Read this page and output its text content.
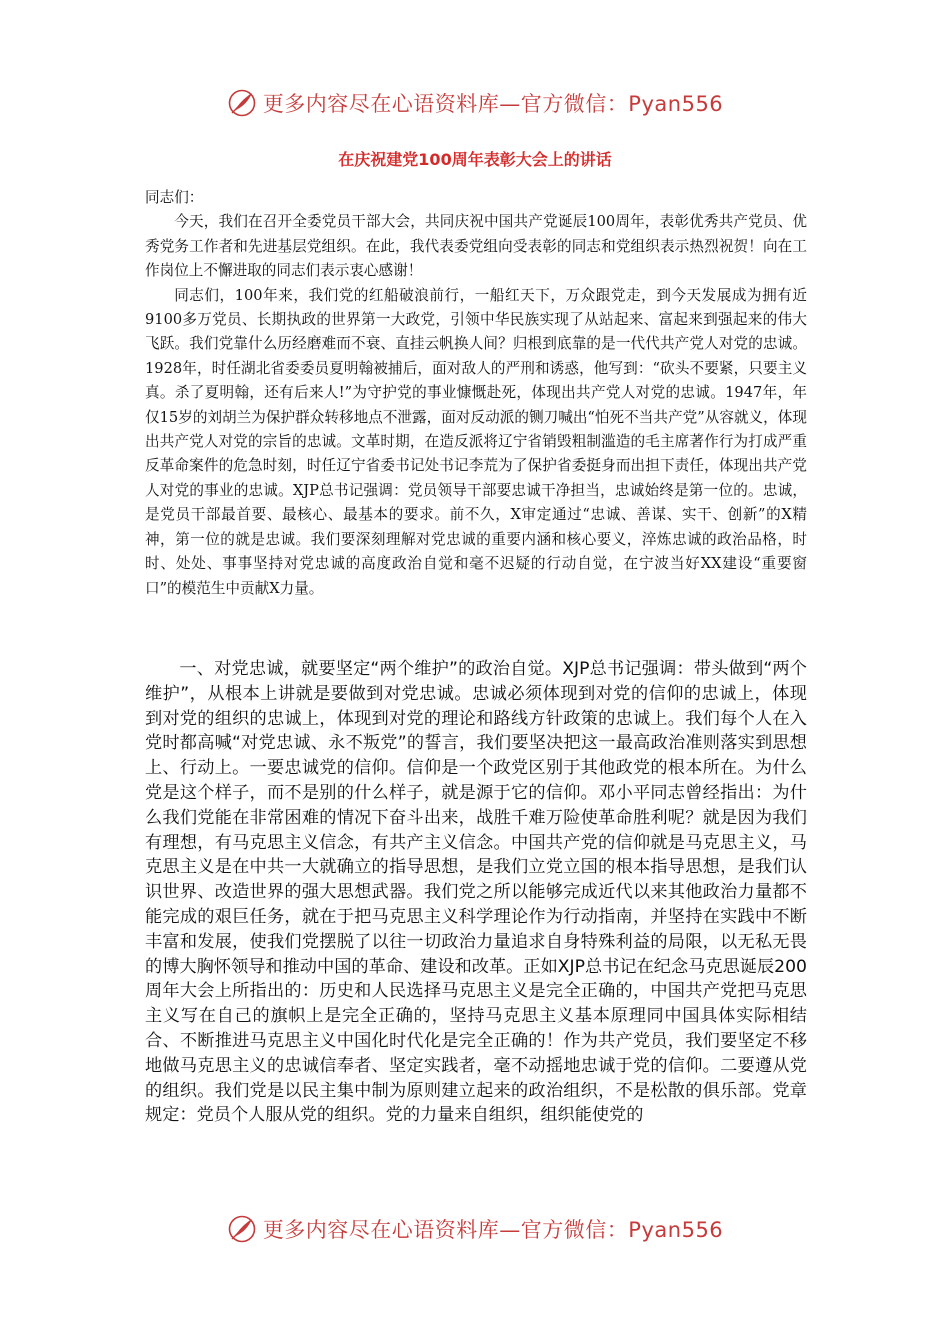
更多内容尽在心语资料库—官方微信：Pyan556
在庆祝建党100周年表彰大会上的讲话

同志们：

今天，我们在召开全委党员干部大会，共同庆祝中国共产党诞辰100周年，表彰优秀共产党员、优秀党务工作者和先进基层党组织。在此，我代表委党组向受表彰的同志和党组织表示热烈祝贺！向在工作岗位上不懈进取的同志们表示衷心感谢！

同志们，100年来，我们党的红船破浪前行，一船红天下，万众跟党走，到今天发展成为拥有近9100多万党员、长期执政的世界第一大政党，引领中华民族实现了从站起来、富起来到强起来的伟大飞跃。我们党靠什么历经磨难而不衰、直挂云帆换人间？归根到底靠的是一代代共产党人对党的忠诚。1928年，时任湖北省委委员夏明翰被捕后，面对敌人的严刑和诱惑，他写到：“砍头不要紧，只要主义真。杀了夏明翰，还有后来人!”为守护党的事业慷慨赴死，体现出共产党人对党的忠诚。1947年，年仅15岁的刘胡兰为保护群众转移地点不泄露，面对反动派的铡刀喊出“怕死不当共产党”从容就义，体现出共产党人对党的宗旨的忠诚。文革时期，在造反派将辽宁省销毁粗制滥造的毛主席著作行为打成严重反革命案件的危急时刻，时任辽宁省委书记处书记李荒为了保护省委挺身而出担下责任，体现出共产党人对党的事业的忠诚。XJP总书记强调：党员领导干部要忠诚干净担当，忠诚始终是第一位的。忠诚，是党员干部最首要、最核心、最基本的要求。前不久，X审定通过“忠诚、善谋、实干、创新”的X精神，第一位的就是忠诚。我们要深刻理解对党忠诚的重要内涵和核心要义，淬炼忠诚的政治品格，时时、处处、事事坚持对党忠诚的高度政治自觉和毫不迟疑的行动自觉，在宁波当好XX建设“重要窗口”的模范生中贡献X力量。

一、对党忠诚，就要坚定“两个维护”的政治自觉。XJP总书记强调：带头做到“两个维护”，从根本上讲就是要做到对党忠诚。忠诚必须体现到对党的信仰的忠诚上，体现到对党的组织的忠诚上，体现到对党的理论和路线方针政策的忠诚上。我们每个人在入党时都高喊“对党忠诚、永不叛党”的誓言，我们要坚决把这一最高政治准则落实到思想上、行动上。一要忠诚党的信仰。信仰是一个政党区别于其他政党的根本所在。为什么党是这个样子，而不是别的什么样子，就是源于它的信仰。邓小平同志曾经指出：为什么我们党能在非常困难的情况下奋斗出来，战胜千难万险使革命胜利呢？就是因为我们有理想，有马克思主义信念，有共产主义信念。中国共产党的信仰就是马克思主义，马克思主义是在中共一大就确立的指导思想，是我们立党立国的根本指导思想，是我们认识世界、改造世界的强大思想武器。我们党之所以能够完成近代以来其他政治力量都不能完成的艰巨任务，就在于把马克思主义科学理论作为行动指南，并坚持在实践中不断丰富和发展，使我们党摆脱了以往一切政治力量追求自身特殊利益的局限，以无私无畏的博大胸怀领导和推动中国的革命、建设和改革。正如XJP总书记在纪念马克思诞辰200周年大会上所指出的：历史和人民选择马克思主义是完全正确的，中国共产党把马克思主义写在自己的旗帜上是完全正确的，坚持马克思主义基本原理同中国具体实际相结合、不断推进马克思主义中国化时代化是完全正确的！作为共产党员，我们要坚定不移地做马克思主义的忠诚信奉者、坚定实践者，毫不动摇地忠诚于党的信仰。二要遵从党的组织。我们党是以民主集中制为原则建立起来的政治组织，不是松散的俱乐部。党章规定：党员个人服从党的组织。党的力量来自组织，组织能使党的

更多内容尽在心语资料库—官方微信：Pyan556
